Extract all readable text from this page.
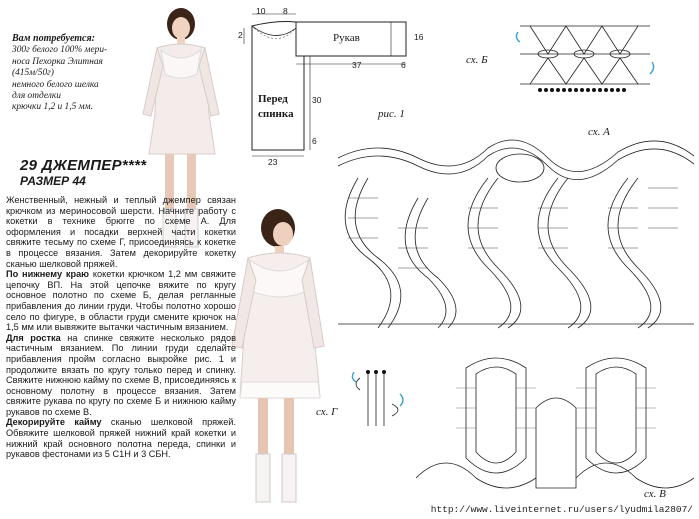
Вам потребуется:
300г белого 100% мери-
носа Пехорка Элитная
(415м/50г)
немного белого шелка
для отделки
крючки 1,2 и 1,5 мм.
29 ДЖЕМПЕР****
РАЗМЕР 44

Женственный, нежный и теплый джемпер связан крючком из мериносовой шерсти. Начните работу с кокетки в технике брюгге по схеме А. Для оформления и посадки верхней части кокетки свяжите тесьму по схеме Г, присоединяясь к кокетке в процессе вязания. Затем декорируйте кокетку сканью шелковой пряжей.

По нижнему краю кокетки крючком 1,2 мм свяжите цепочку ВП. На этой цепочке вяжите по кругу основное полотно по схеме Б, делая регланные прибавления до линии груди. Чтобы полотно хорошо село по фигуре, в области груди смените крючок на 1,5 мм или вывяжите вытачки частичным вязанием.

Для ростка на спинке свяжите несколько рядов частичным вязанием. По линии груди сделайте прибавления пройм согласно выкройке рис. 1 и продолжите вязать по кругу только перед и спинку. Свяжите нижнюю кайму по схеме В, присоединяясь к основному полотну в процессе вязания. Затем свяжите рукава по кругу по схеме Б и нижнюю кайму рукавов по схеме В.

Декорируйте кайму сканью шелковой пряжей. Обвяжите шелковой пряжей нижний край кокетки и нижний край основного полотна переда, спинки и рукавов фестонами из 5 С1Н и 3 СБН.

10 8
2	16
37	6
30
6
23
Рукав
Перед
спинка	рис. 1
сх. А
сх. Б
сх. Г
сх. В
http://www.liveinternet.ru/users/lyudmila2807/
